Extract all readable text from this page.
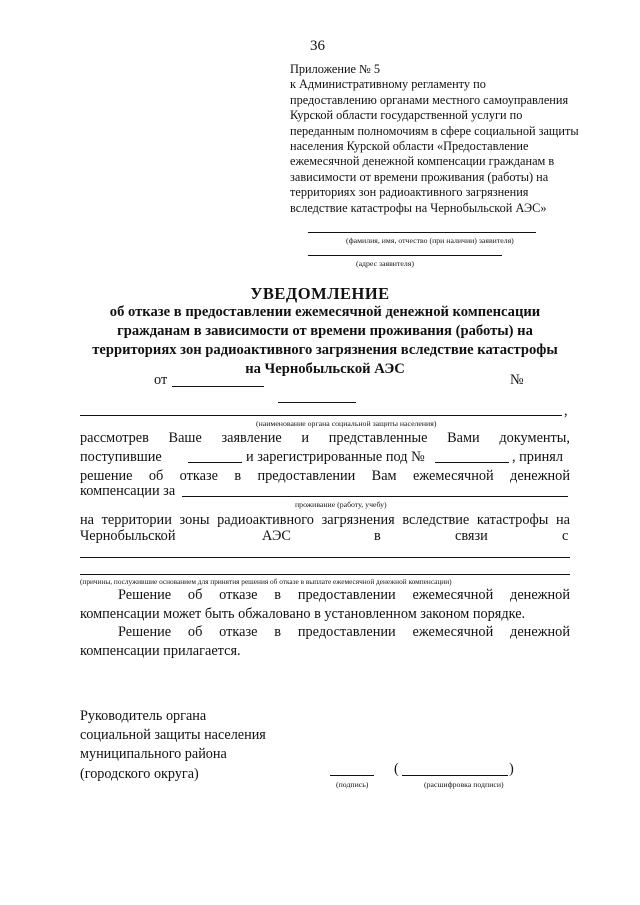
36
Приложение № 5
к Административному регламенту по
предоставлению органами местного самоуправления
Курской области государственной услуги по
переданным полномочиям в сфере социальной защиты
населения Курской области «Предоставление
ежемесячной денежной компенсации гражданам в
зависимости от времени проживания (работы) на
территориях зон радиоактивного загрязнения
вследствие катастрофы на Чернобыльской АЭС»
(фамилия, имя, отчество (при наличии) заявителя)
(адрес заявителя)
УВЕДОМЛЕНИЕ
об отказе в предоставлении ежемесячной денежной компенсации
гражданам в зависимости от времени проживания (работы) на
территориях зон радиоактивного загрязнения вследствие катастрофы
на Чернобыльской АЭС
от	№
,
(наименование органа социальной защиты населения)
рассмотрев Ваше заявление и представленные Вами документы,
поступившие	и зарегистрированные под №	, принял
решение об отказе в предоставлении Вам ежемесячной денежной
компенсации за
проживание (работу, учебу)
на территории зоны радиоактивного загрязнения вследствие катастрофы на
Чернобыльской	АЭС	в	связи	с
(причины, послужившие основанием для принятия решения об отказе в выплате ежемесячной денежной компенсации)
Решение об отказе в предоставлении ежемесячной денежной
компенсации может быть обжаловано в установленном законом порядке.
Решение об отказе в предоставлении ежемесячной денежной
компенсации прилагается.
Руководитель органа
социальной защиты населения
муниципального района
(городского округа)
(подпись)
(	)
(расшифровка подписи)
